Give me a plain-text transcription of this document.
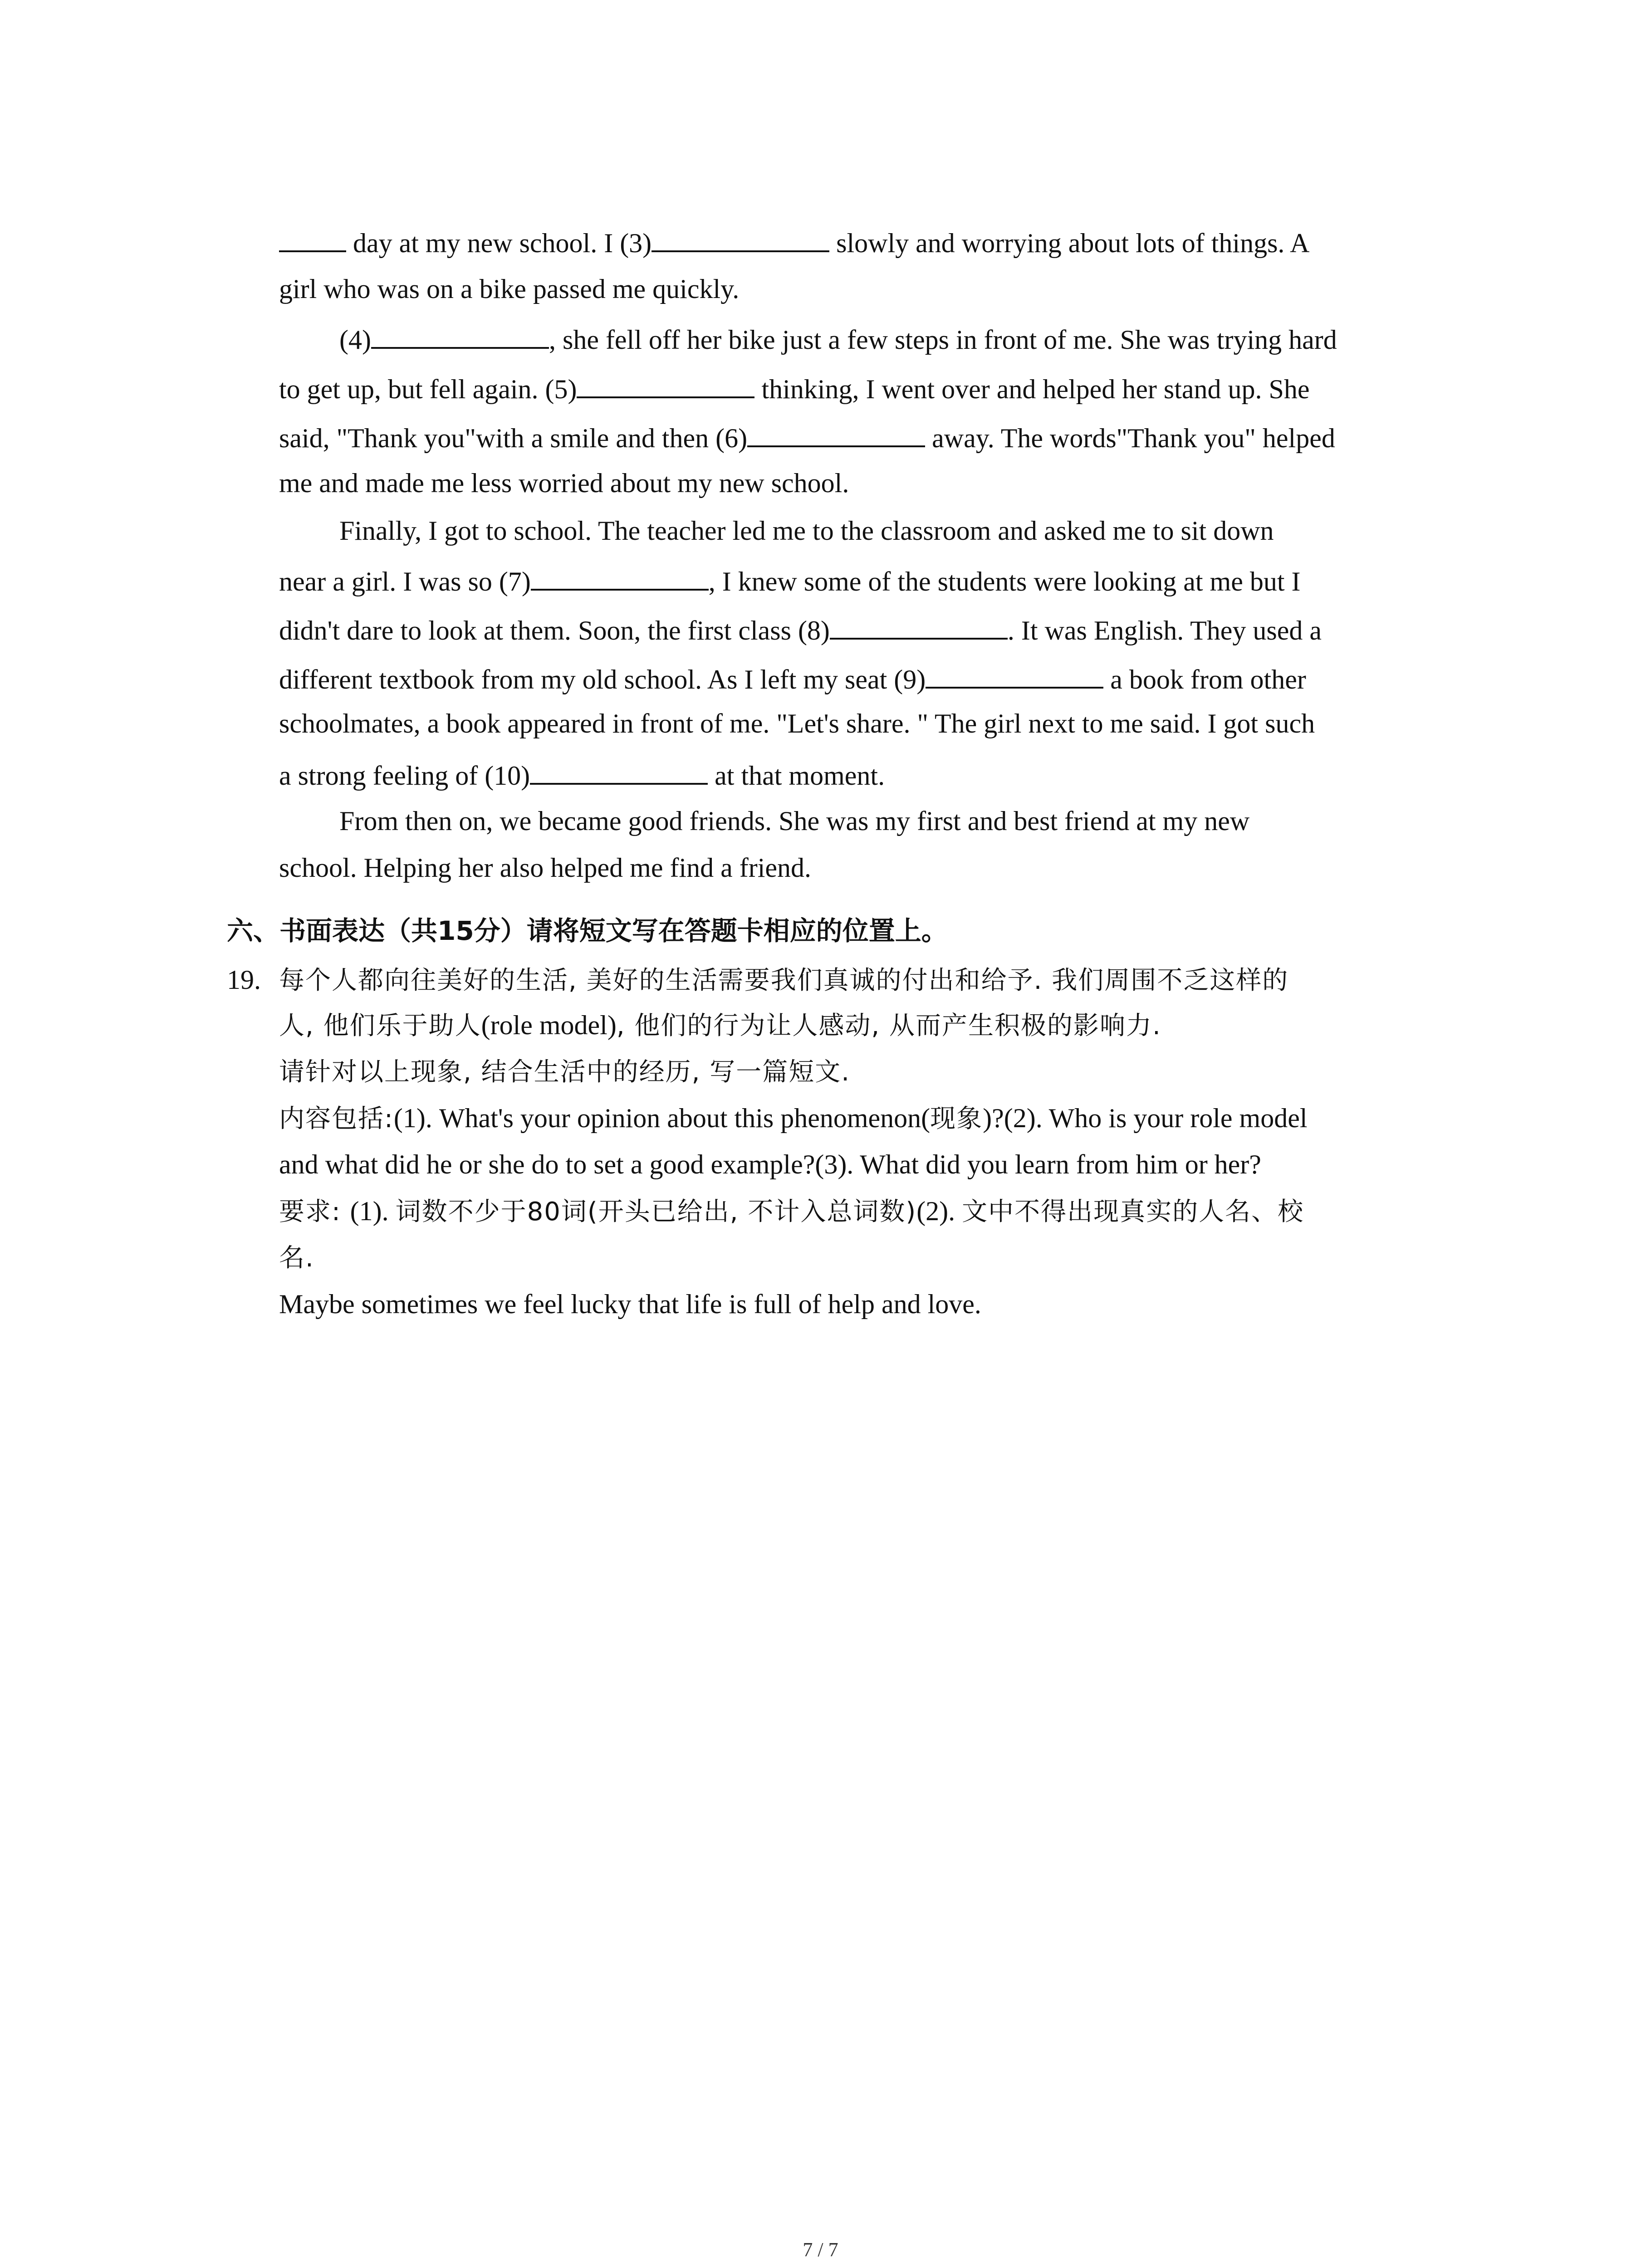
day at my new school. I (3)	slowly and worrying about lots of things. A
girl who was on a bike passed me quickly.
(4)	, she fell off her bike just a few steps in front of me. She was trying hard
to get up, but fell again. (5)	thinking, I went over and helped her stand up. She
said, "Thank you"with a smile and then (6)	away. The words"Thank you" helped
me and made me less worried about my new school.
Finally, I got to school. The teacher led me to the classroom and asked me to sit down
near a girl. I was so (7)	, I knew some of the students were looking at me but I
didn't dare to look at them. Soon, the first class (8)	. It was English. They used a
different textbook from my old school. As I left my seat (9)	a book from other
schoolmates, a book appeared in front of me. "Let's share. " The girl next to me said. I got such
a strong feeling of (10)	at that moment.
From then on, we became good friends. She was my first and best friend at my new
school. Helping her also helped me find a friend.
六、书面表达（共15分）请将短文写在答题卡相应的位置上。
19. 每个人都向往美好的生活, 美好的生活需要我们真诚的付出和给予. 我们周围不乏这样的
人, 他们乐于助人(role model), 他们的行为让人感动, 从而产生积极的影响力.
请针对以上现象, 结合生活中的经历, 写一篇短文.
内容包括:(1). What's your opinion about this phenomenon(现象)?(2). Who is your role model
and what did he or she do to set a good example?(3). What did you learn from him or her?
要求: (1). 词数不少于80词(开头已给出, 不计入总词数)(2). 文中不得出现真实的人名、校
名.
Maybe sometimes we feel lucky that life is full of help and love.
7 / 7
